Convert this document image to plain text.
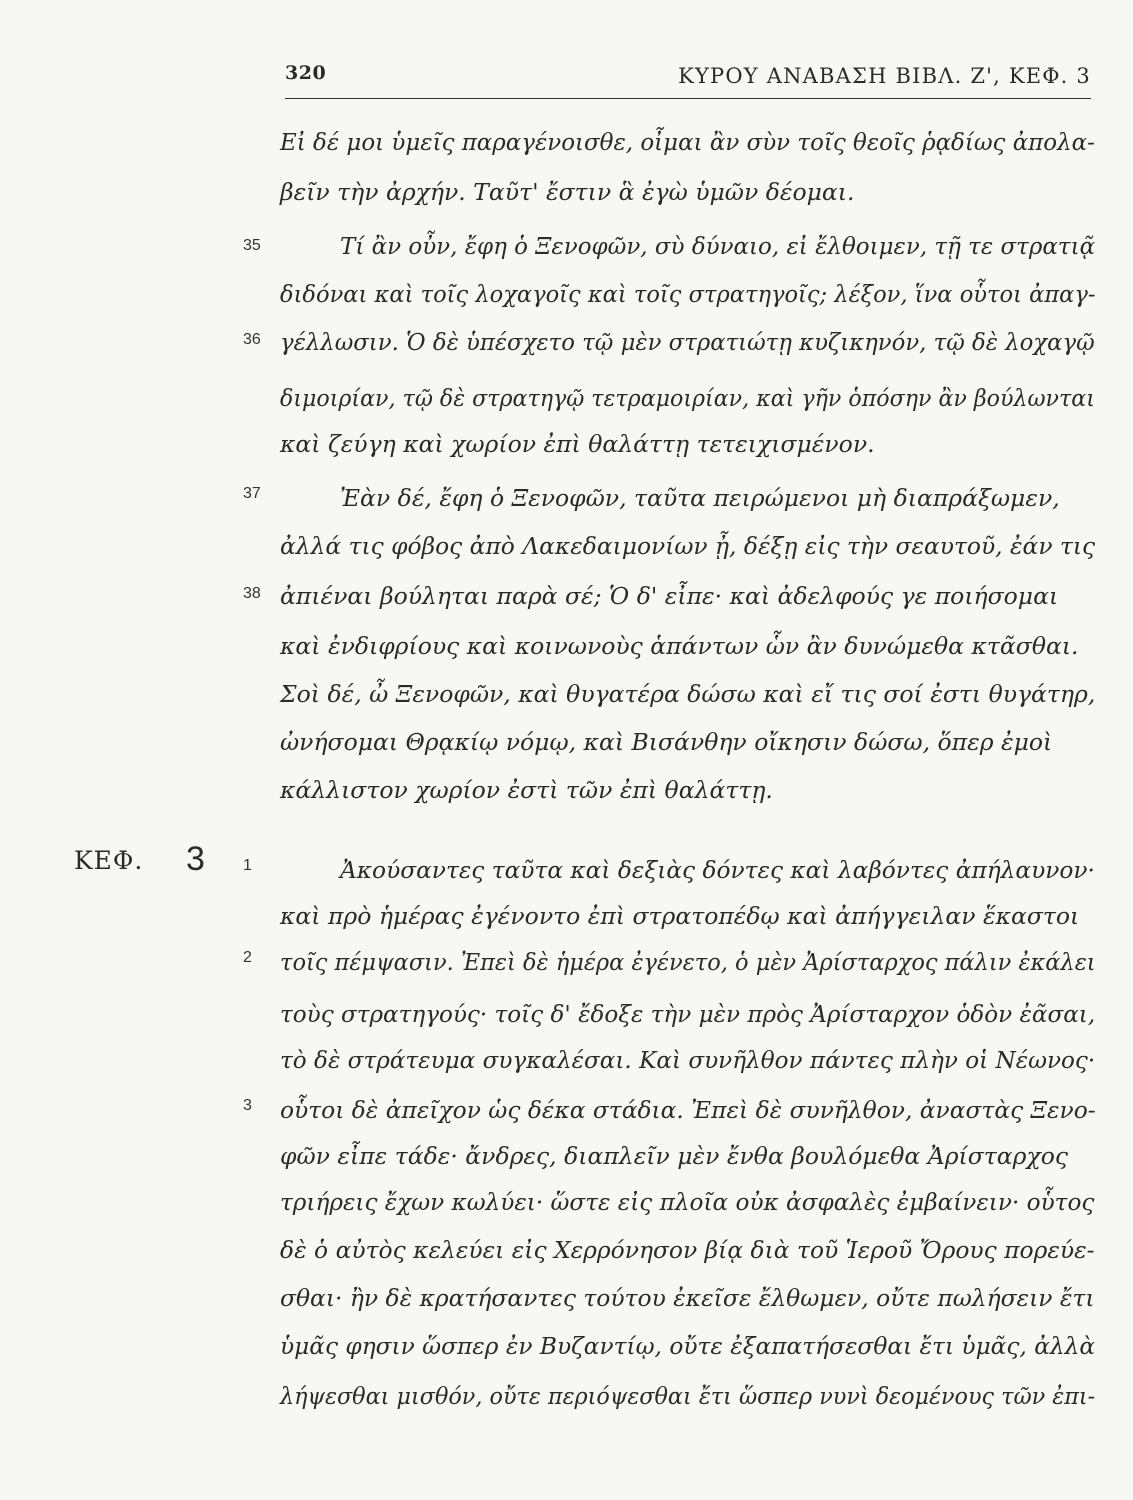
320	ΚΥΡΟΥ ΑΝΑΒΑΣΗ ΒΙΒΛ. Ζ', ΚΕΦ. 3
ΚΕΦ. 3
35
36
37
38
1
2
3
Εἰ δέ μοι ὑμεῖς παραγένοισθε, οἶμαι ἂν σὺν τοῖς θεοῖς ῥᾳδίως ἀπολα-
βεῖν τὴν ἀρχήν. Ταῦτ' ἔστιν ἃ ἐγὼ ὑμῶν δέομαι.
Τί ἂν οὖν, ἔφη ὁ Ξενοφῶν, σὺ δύναιο, εἰ ἔλθοιμεν, τῇ τε στρατιᾷ
διδόναι καὶ τοῖς λοχαγοῖς καὶ τοῖς στρατηγοῖς; λέξον, ἵνα οὗτοι ἀπαγ-
γέλλωσιν. Ὁ δὲ ὑπέσχετο τῷ μὲν στρατιώτῃ κυζικηνόν, τῷ δὲ λοχαγῷ
διμοιρίαν, τῷ δὲ στρατηγῷ τετραμοιρίαν, καὶ γῆν ὁπόσην ἂν βούλωνται
καὶ ζεύγη καὶ χωρίον ἐπὶ θαλάττῃ τετειχισμένον.
Ἐὰν δέ, ἔφη ὁ Ξενοφῶν, ταῦτα πειρώμενοι μὴ διαπράξωμεν,
ἀλλά τις φόβος ἀπὸ Λακεδαιμονίων ᾖ, δέξῃ εἰς τὴν σεαυτοῦ, ἐάν τις
ἀπιέναι βούληται παρὰ σέ; Ὁ δ' εἶπε· καὶ ἀδελφούς γε ποιήσομαι
καὶ ἐνδιφρίους καὶ κοινωνοὺς ἁπάντων ὧν ἂν δυνώμεθα κτᾶσθαι.
Σοὶ δέ, ὦ Ξενοφῶν, καὶ θυγατέρα δώσω καὶ εἴ τις σοί ἐστι θυγάτηρ,
ὠνήσομαι Θρᾳκίῳ νόμῳ, καὶ Βισάνθην οἴκησιν δώσω, ὅπερ ἐμοὶ
κάλλιστον χωρίον ἐστὶ τῶν ἐπὶ θαλάττῃ.
Ἀκούσαντες ταῦτα καὶ δεξιὰς δόντες καὶ λαβόντες ἀπήλαυνον·
καὶ πρὸ ἡμέρας ἐγένοντο ἐπὶ στρατοπέδῳ καὶ ἀπήγγειλαν ἕκαστοι
τοῖς πέμψασιν. Ἐπεὶ δὲ ἡμέρα ἐγένετο, ὁ μὲν Ἀρίσταρχος πάλιν ἐκάλει
τοὺς στρατηγούς· τοῖς δ' ἔδοξε τὴν μὲν πρὸς Ἀρίσταρχον ὁδὸν ἐᾶσαι,
τὸ δὲ στράτευμα συγκαλέσαι. Καὶ συνῆλθον πάντες πλὴν οἱ Νέωνος·
οὗτοι δὲ ἀπεῖχον ὡς δέκα στάδια. Ἐπεὶ δὲ συνῆλθον, ἀναστὰς Ξενο-
φῶν εἶπε τάδε· ἄνδρες, διαπλεῖν μὲν ἔνθα βουλόμεθα Ἀρίσταρχος
τριήρεις ἔχων κωλύει· ὥστε εἰς πλοῖα οὐκ ἀσφαλὲς ἐμβαίνειν· οὗτος
δὲ ὁ αὐτὸς κελεύει εἰς Χερρόνησον βίᾳ διὰ τοῦ Ἱεροῦ Ὄρους πορεύε-
σθαι· ἢν δὲ κρατήσαντες τούτου ἐκεῖσε ἔλθωμεν, οὔτε πωλήσειν ἔτι
ὑμᾶς φησιν ὥσπερ ἐν Βυζαντίῳ, οὔτε ἐξαπατήσεσθαι ἔτι ὑμᾶς, ἀλλὰ
λήψεσθαι μισθόν, οὔτε περιόψεσθαι ἔτι ὥσπερ νυνὶ δεομένους τῶν ἐπι-
